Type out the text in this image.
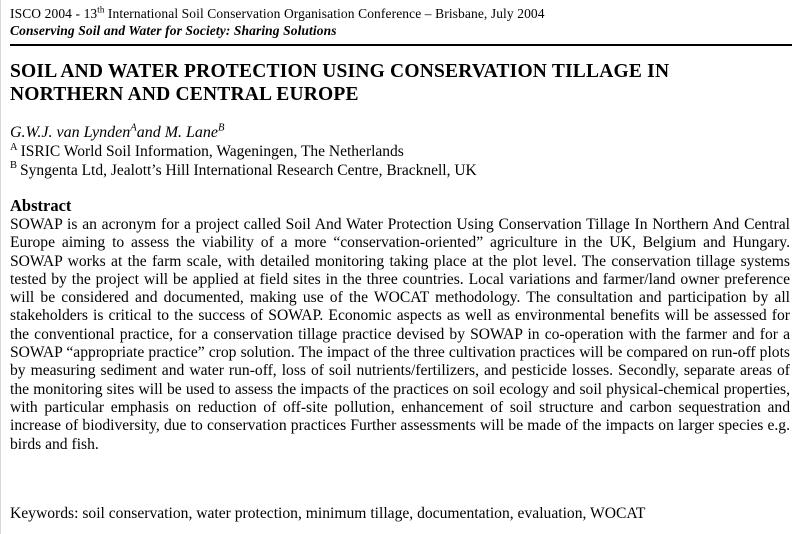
ISCO 2004 - 13th International Soil Conservation Organisation Conference – Brisbane, July 2004
Conserving Soil and Water for Society: Sharing Solutions
SOIL AND WATER PROTECTION USING CONSERVATION TILLAGE IN NORTHERN AND CENTRAL EUROPE
G.W.J. van Lynden$^A$and M. Lane$^B$
$^A$ ISRIC World Soil Information, Wageningen, The Netherlands
$^B$ Syngenta Ltd, Jealott’s Hill International Research Centre, Bracknell, UK
Abstract
SOWAP is an acronym for a project called Soil And Water Protection Using Conservation Tillage In Northern And Central Europe aiming to assess the viability of a more “conservation-oriented” agriculture in the UK, Belgium and Hungary. SOWAP works at the farm scale, with detailed monitoring taking place at the plot level. The conservation tillage systems tested by the project will be applied at field sites in the three countries. Local variations and farmer/land owner preference will be considered and documented, making use of the WOCAT methodology. The consultation and participation by all stakeholders is critical to the success of SOWAP. Economic aspects as well as environmental benefits will be assessed for the conventional practice, for a conservation tillage practice devised by SOWAP in co-operation with the farmer and for a SOWAP “appropriate practice” crop solution. The impact of the three cultivation practices will be compared on run-off plots by measuring sediment and water run-off, loss of soil nutrients/fertilizers, and pesticide losses. Secondly, separate areas of the monitoring sites will be used to assess the impacts of the practices on soil ecology and soil physical-chemical properties, with particular emphasis on reduction of off-site pollution, enhancement of soil structure and carbon sequestration and increase of biodiversity, due to conservation practices Further assessments will be made of the impacts on larger species e.g. birds and fish.
Keywords: soil conservation, water protection, minimum tillage, documentation, evaluation, WOCAT
